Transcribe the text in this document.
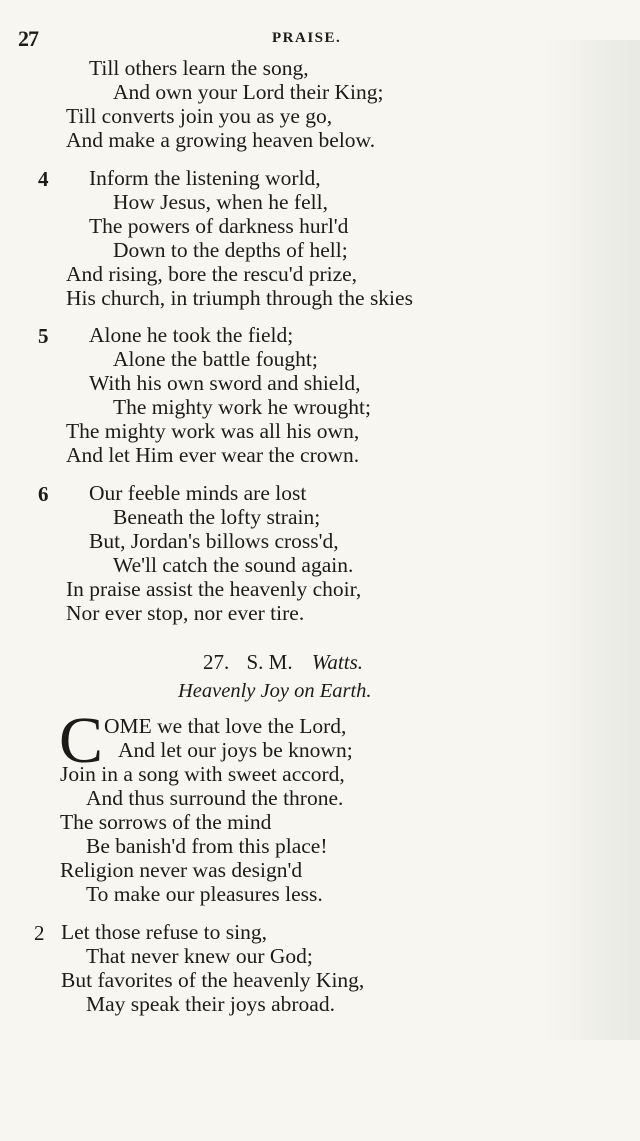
27	PRAISE.
Till others learn the song,
And own your Lord their King;
Till converts join you as ye go,
And make a growing heaven below.
4 Inform the listening world,
How Jesus, when he fell,
The powers of darkness hurl'd
Down to the depths of hell;
And rising, bore the rescu'd prize,
His church, in triumph through the skies
5 Alone he took the field;
Alone the battle fought;
With his own sword and shield,
The mighty work he wrought;
The mighty work was all his own,
And let Him ever wear the crown.
6 Our feeble minds are lost
Beneath the lofty strain;
But, Jordan's billows cross'd,
We'll catch the sound again.
In praise assist the heavenly choir,
Nor ever stop, nor ever tire.
27. S. M. Watts.
Heavenly Joy on Earth.
C OME we that love the Lord,
And let our joys be known;
Join in a song with sweet accord,
And thus surround the throne.
The sorrows of the mind
Be banish'd from this place!
Religion never was design'd
To make our pleasures less.
2 Let those refuse to sing,
That never knew our God;
But favorites of the heavenly King,
May speak their joys abroad.
